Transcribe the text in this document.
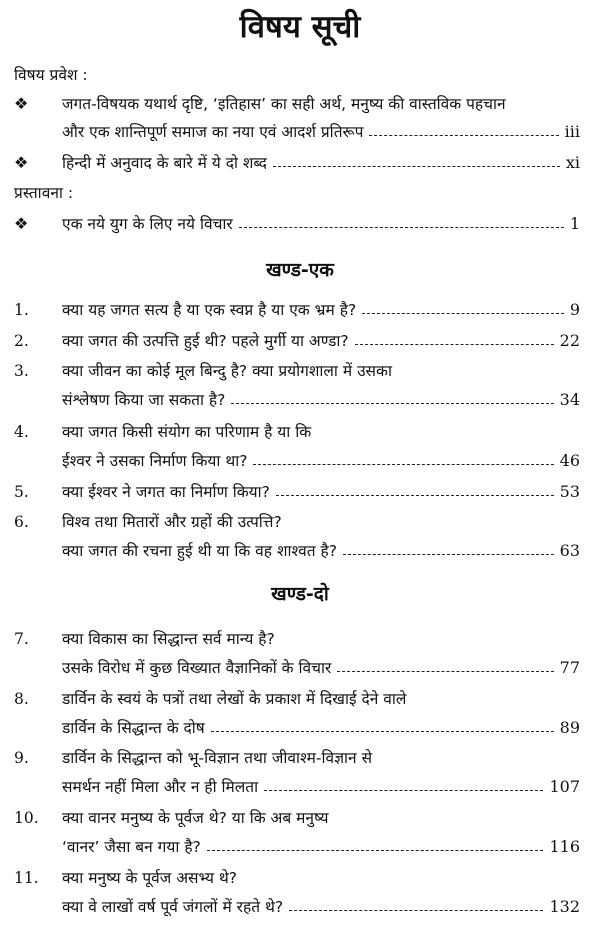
विषय सूची
विषय प्रवेश :
❖ जगत-विषयक यथार्थ दृष्टि, ‘इतिहास’ का सही अर्थ, मनुष्य की वास्तविक पहचान
और एक शान्तिपूर्ण समाज का नया एवं आदर्श प्रतिरूप	iii
❖ हिन्दी में अनुवाद के बारे में ये दो शब्द	xi
प्रस्तावना :
❖ एक नये युग के लिए नये विचार	1
खण्ड-एक
1. क्या यह जगत सत्य है या एक स्वप्न है या एक भ्रम है?	9
2. क्या जगत की उत्पत्ति हुई थी? पहले मुर्गी या अण्डा?	22
3. क्या जीवन का कोई मूल बिन्दु है? क्या प्रयोगशाला में उसका
संश्लेषण किया जा सकता है?	34
4. क्या जगत किसी संयोग का परिणाम है या कि
ईश्वर ने उसका निर्माण किया था?	46
5. क्या ईश्वर ने जगत का निर्माण किया?	53
6. विश्व तथा मितारों और ग्रहों की उत्पत्ति?
क्या जगत की रचना हुई थी या कि वह शाश्वत है?	63
खण्ड-दो
7. क्या विकास का सिद्धान्त सर्व मान्य है?
उसके विरोध में कुछ विख्यात वैज्ञानिकों के विचार	77
8. डार्विन के स्वयं के पत्रों तथा लेखों के प्रकाश में दिखाई देने वाले
डार्विन के सिद्धान्त के दोष	89
9. डार्विन के सिद्धान्त को भू-विज्ञान तथा जीवाश्म-विज्ञान से
समर्थन नहीं मिला और न ही मिलता	107
10. क्या वानर मनुष्य के पूर्वज थे? या कि अब मनुष्य
‘वानर’ जैसा बन गया है?	116
11. क्या मनुष्य के पूर्वज असभ्य थे?
क्या वे लाखों वर्ष पूर्व जंगलों में रहते थे?	132
